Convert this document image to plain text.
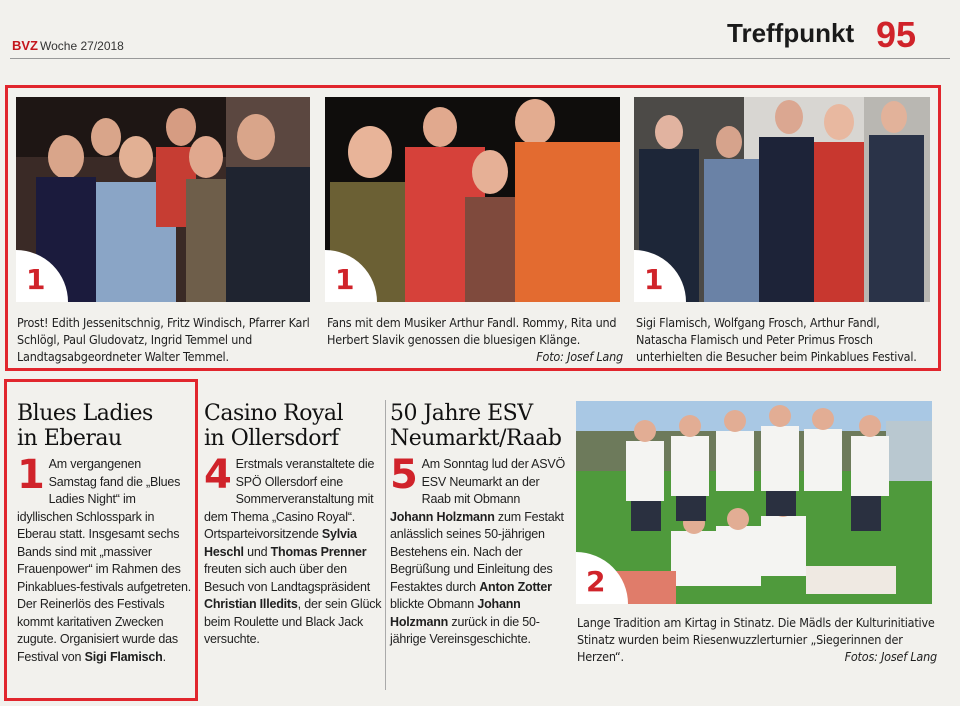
BVZ Woche 27/2018	Treffpunkt 95
1
Prost! Edith Jessenitschnig, Fritz Windisch, Pfarrer Karl Schlögl, Paul Gludovatz, Ingrid Temmel und Landtagsabgeordneter Walter Temmel.
1
Fans mit dem Musiker Arthur Fandl. Rommy, Rita und Herbert Slavik genossen die bluesigen Klänge.
Foto: Josef Lang
1
Sigi Flamisch, Wolfgang Frosch, Arthur Fandl, Natascha Flamisch und Peter Primus Frosch unterhielten die Besucher beim Pinkablues Festival.
Blues Ladies
in Eberau
1 Am vergangenen Samstag fand die „Blues Ladies Night“ im idyllischen Schlosspark in Eberau statt. Insgesamt sechs Bands sind mit „massiver Frauenpower“ im Rahmen des Pinkablues-festivals aufgetreten. Der Reinerlös des Festivals kommt karitativen Zwecken zugute. Organisiert wurde das Festival von Sigi Flamisch.
Casino Royal
in Ollersdorf
4 Erstmals veranstaltete die SPÖ Ollersdorf eine Sommerveranstaltung mit dem Thema „Casino Royal“. Ortsparteivorsitzende Sylvia Heschl und Thomas Prenner freuten sich auch über den Besuch von Landtagspräsident Christian Illedits, der sein Glück beim Roulette und Black Jack versuchte.
50 Jahre ESV
Neumarkt/Raab
5 Am Sonntag lud der ASVÖ ESV Neumarkt an der Raab mit Obmann Johann Holzmann zum Festakt anlässlich seines 50-jährigen Bestehens ein. Nach der Begrüßung und Einleitung des Festaktes durch Anton Zotter blickte Obmann Johann Holzmann zurück in die 50-jährige Vereinsgeschichte.
2
Lange Tradition am Kirtag in Stinatz. Die Mädls der Kulturinitiative Stinatz wurden beim Riesenwuzzlerturnier „Siegerinnen der Herzen“.	Fotos: Josef Lang
